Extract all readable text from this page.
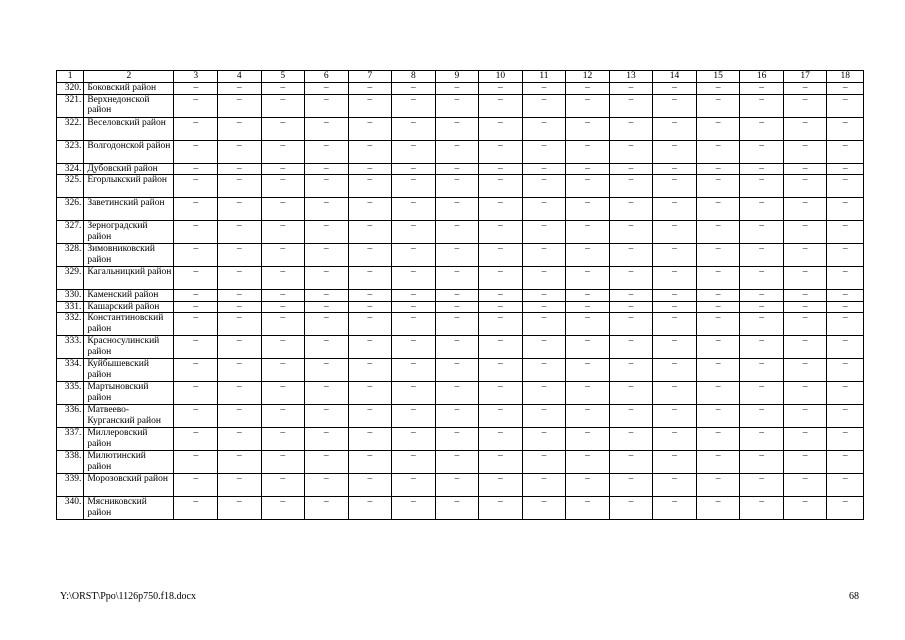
1	2	3	4	5	6	7	8	9	10	11	12	13	14	15	16	17	18
320.	Боковский район	–	–	–	–	–	–	–	–	–	–	–	–	–	–	–	–
321.	Верхнедонской район	–	–	–	–	–	–	–	–	–	–	–	–	–	–	–	–
322.	Веселовский район	–	–	–	–	–	–	–	–	–	–	–	–	–	–	–	–
323.	Волгодонской район	–	–	–	–	–	–	–	–	–	–	–	–	–	–	–	–
324.	Дубовский район	–	–	–	–	–	–	–	–	–	–	–	–	–	–	–	–
325.	Егорлыкский район	–	–	–	–	–	–	–	–	–	–	–	–	–	–	–	–
326.	Заветинский район	–	–	–	–	–	–	–	–	–	–	–	–	–	–	–	–
327.	Зерноградский район	–	–	–	–	–	–	–	–	–	–	–	–	–	–	–	–
328.	Зимовниковский район	–	–	–	–	–	–	–	–	–	–	–	–	–	–	–	–
329.	Кагальницкий район	–	–	–	–	–	–	–	–	–	–	–	–	–	–	–	–
330.	Каменский район	–	–	–	–	–	–	–	–	–	–	–	–	–	–	–	–
331.	Кашарский район	–	–	–	–	–	–	–	–	–	–	–	–	–	–	–	–
332.	Константиновский район	–	–	–	–	–	–	–	–	–	–	–	–	–	–	–	–
333.	Красносулинский район	–	–	–	–	–	–	–	–	–	–	–	–	–	–	–	–
334.	Куйбышевский район	–	–	–	–	–	–	–	–	–	–	–	–	–	–	–	–
335.	Мартыновский район	–	–	–	–	–	–	–	–	–	–	–	–	–	–	–	–
336.	Матвеево-Курганский район	–	–	–	–	–	–	–	–	–	–	–	–	–	–	–	–
337.	Миллеровский район	–	–	–	–	–	–	–	–	–	–	–	–	–	–	–	–
338.	Милютинский район	–	–	–	–	–	–	–	–	–	–	–	–	–	–	–	–
339.	Морозовский район	–	–	–	–	–	–	–	–	–	–	–	–	–	–	–	–
340.	Мясниковский район	–	–	–	–	–	–	–	–	–	–	–	–	–	–	–	–
Y:\ORST\Ppo\1126p750.f18.docx	68
